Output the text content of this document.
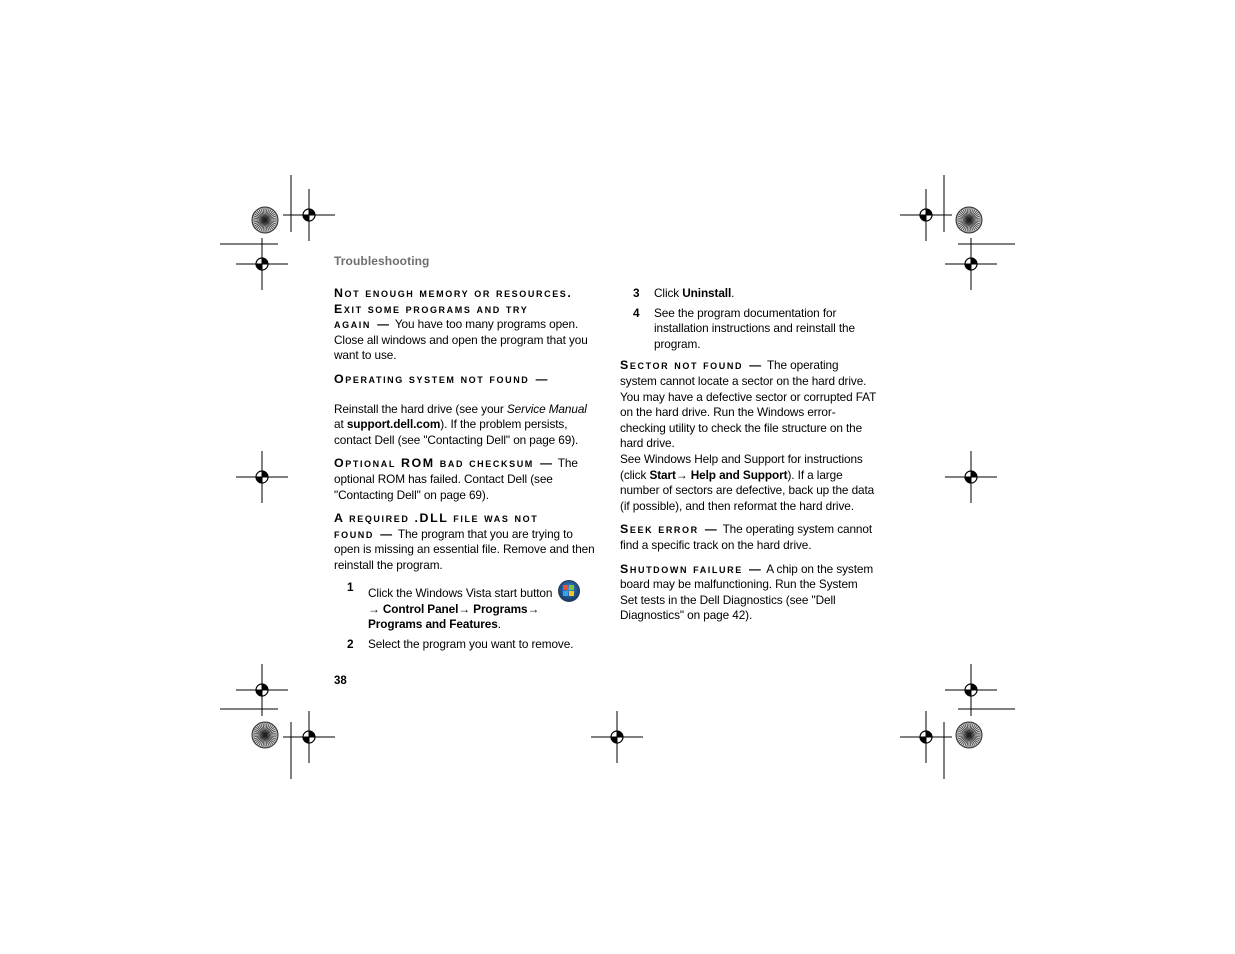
Troubleshooting
Not enough memory or resources.
Exit some programs and try
again — You have too many programs open. Close all windows and open the program that you want to use.
Operating system not found —
Reinstall the hard drive (see your Service Manual at support.dell.com). If the problem persists, contact Dell (see "Contacting Dell" on page 69).
Optional ROM bad checksum — The optional ROM has failed. Contact Dell (see "Contacting Dell" on page 69).
A required .DLL file was not
found — The program that you are trying to open is missing an essential file. Remove and then reinstall the program.
1 Click the Windows Vista start button
→ Control Panel→ Programs→ Programs and Features.
2 Select the program you want to remove.
3 Click Uninstall.
4 See the program documentation for installation instructions and reinstall the program.
Sector not found — The operating system cannot locate a sector on the hard drive. You may have a defective sector or corrupted FAT on the hard drive. Run the Windows error-checking utility to check the file structure on the hard drive.
See Windows Help and Support for instructions (click Start→ Help and Support). If a large number of sectors are defective, back up the data (if possible), and then reformat the hard drive.
Seek error — The operating system cannot find a specific track on the hard drive.
Shutdown failure — A chip on the system board may be malfunctioning. Run the System Set tests in the Dell Diagnostics (see "Dell Diagnostics" on page 42).
38
